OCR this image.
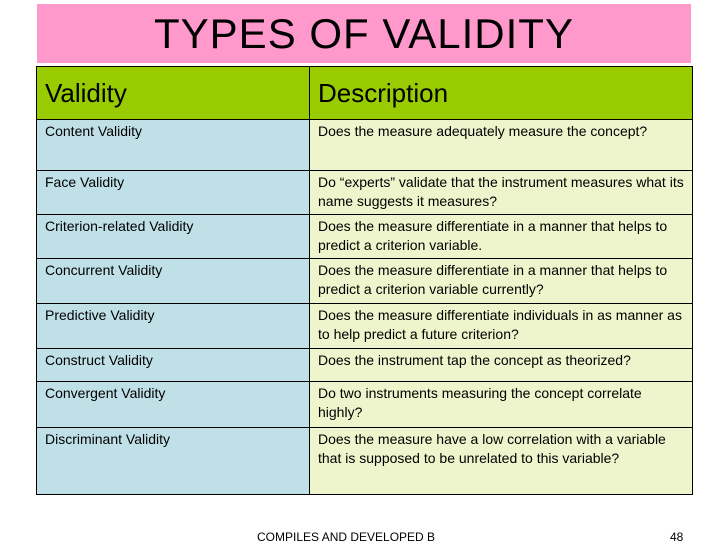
TYPES OF VALIDITY
Validity	Description
Content Validity	Does the measure adequately measure the concept?
Face Validity	Do “experts” validate that the instrument measures what its name suggests it measures?
Criterion-related Validity	Does the measure differentiate in a manner that helps to predict a criterion variable.
Concurrent Validity	Does the measure differentiate in a manner that helps to predict a criterion variable currently?
Predictive Validity	Does the measure differentiate individuals in as manner as to help predict a future criterion?
Construct Validity	Does the instrument tap the concept as theorized?
Convergent Validity	Do two instruments measuring the concept correlate highly?
Discriminant Validity	Does the measure have a low correlation with a variable that is supposed to be unrelated to this variable?
COMPILES AND DEVELOPED B	48
